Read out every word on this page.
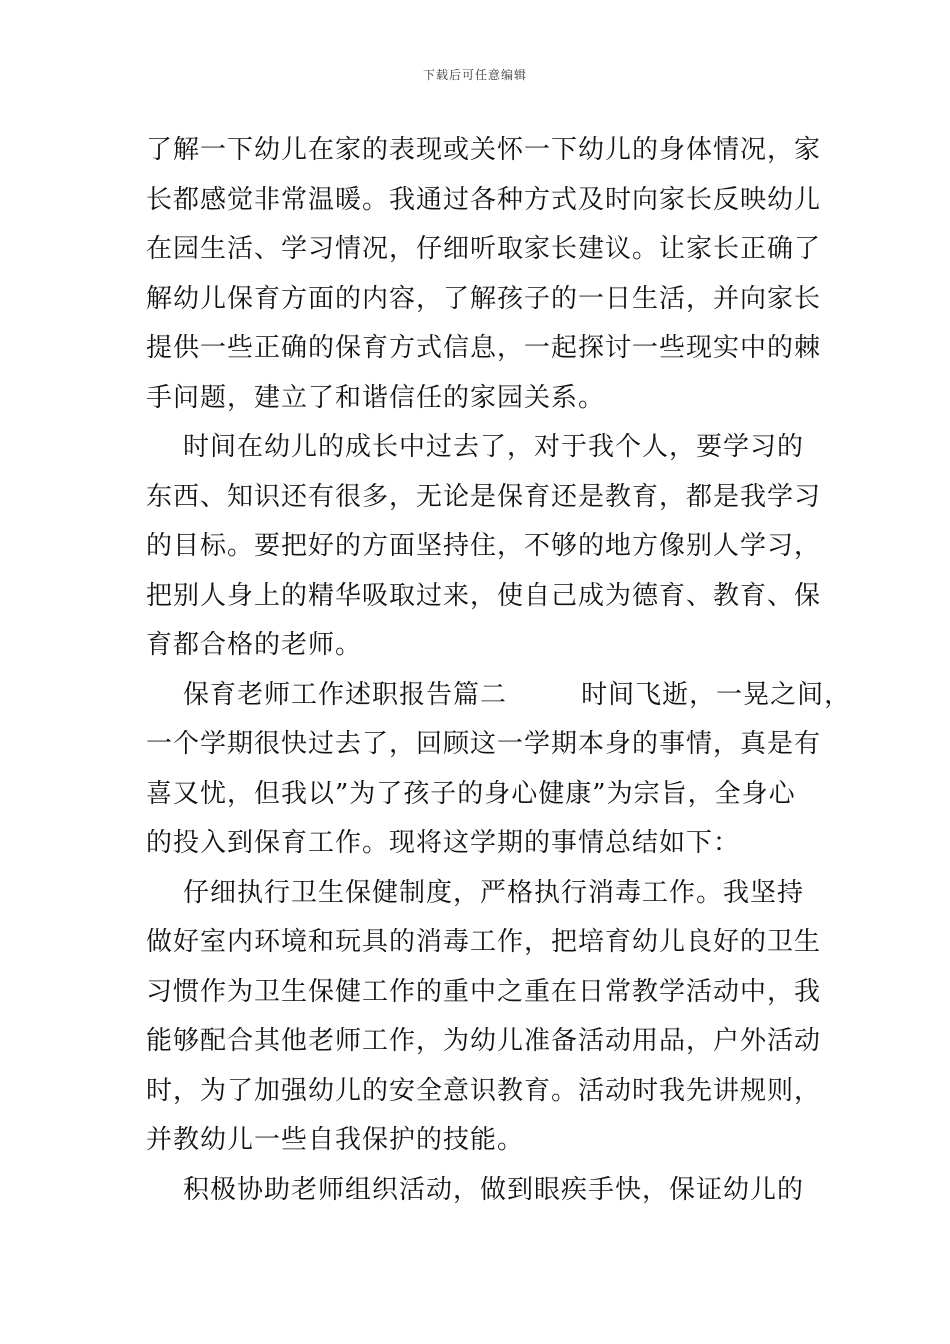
下载后可任意编辑
了解一下幼儿在家的表现或关怀一下幼儿的身体情况，家
长都感觉非常温暖。我通过各种方式及时向家长反映幼儿
在园生活、学习情况，仔细听取家长建议。让家长正确了
解幼儿保育方面的内容，了解孩子的一日生活，并向家长
提供一些正确的保育方式信息，一起探讨一些现实中的棘
手问题，建立了和谐信任的家园关系。
时间在幼儿的成长中过去了，对于我个人，要学习的
东西、知识还有很多，无论是保育还是教育，都是我学习
的目标。要把好的方面坚持住，不够的地方像别人学习，
把别人身上的精华吸取过来，使自己成为德育、教育、保
育都合格的老师。
保育老师工作述职报告篇二        时间飞逝，一晃之间，
一个学期很快过去了，回顾这一学期本身的事情，真是有
喜又忧，但我以”为了孩子的身心健康”为宗旨，全身心
的投入到保育工作。现将这学期的事情总结如下：
仔细执行卫生保健制度，严格执行消毒工作。我坚持
做好室内环境和玩具的消毒工作，把培育幼儿良好的卫生
习惯作为卫生保健工作的重中之重在日常教学活动中，我
能够配合其他老师工作，为幼儿准备活动用品，户外活动
时，为了加强幼儿的安全意识教育。活动时我先讲规则，
并教幼儿一些自我保护的技能。
积极协助老师组织活动，做到眼疾手快，保证幼儿的
